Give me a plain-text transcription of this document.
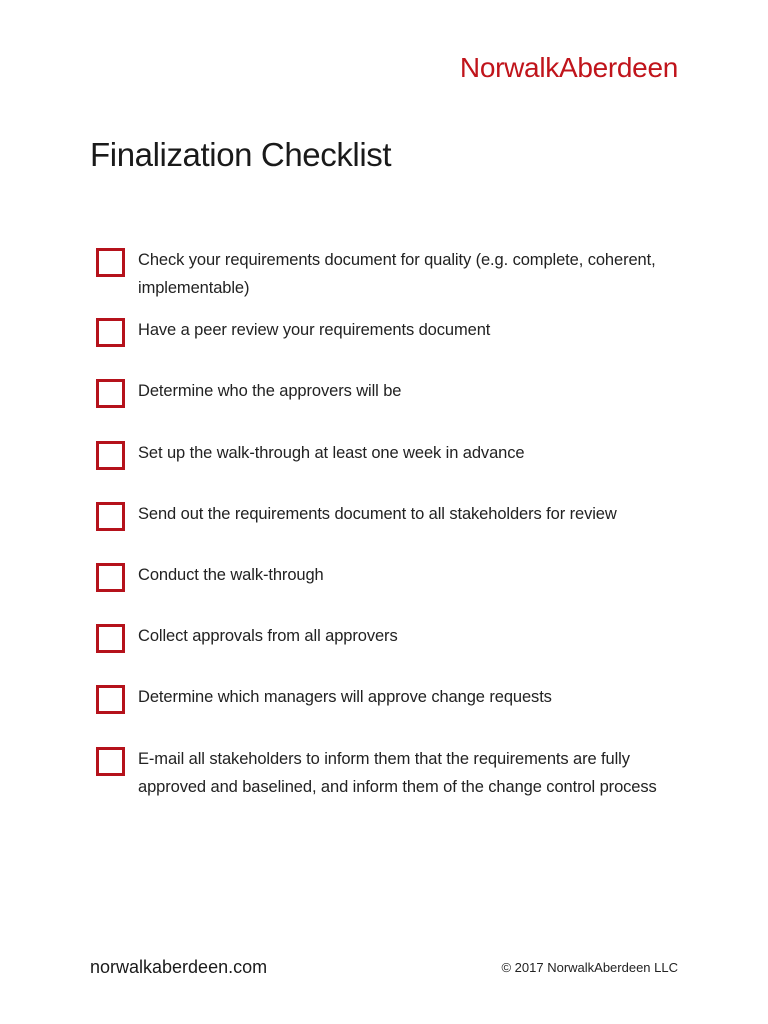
NorwalkAberdeen
Finalization Checklist
Check your requirements document for quality (e.g. complete, coherent, implementable)
Have a peer review your requirements document
Determine who the approvers will be
Set up the walk-through at least one week in advance
Send out the requirements document to all stakeholders for review
Conduct the walk-through
Collect approvals from all approvers
Determine which managers will approve change requests
E-mail all stakeholders to inform them that the requirements are fully approved and baselined, and inform them of the change control process
norwalkaberdeen.com	© 2017 NorwalkAberdeen LLC
